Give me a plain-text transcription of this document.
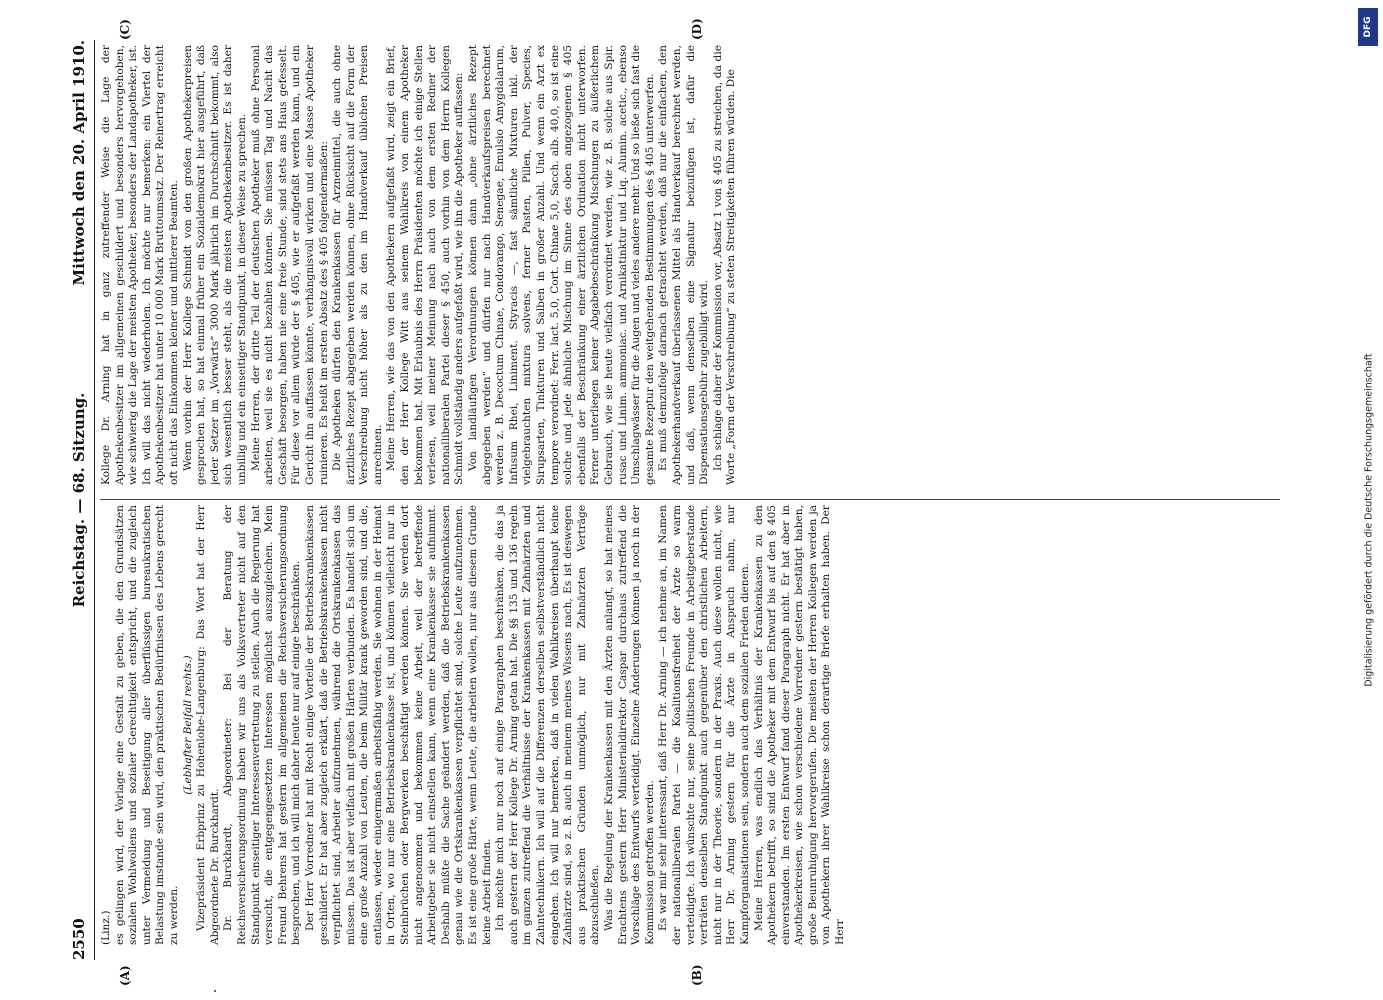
2550
Reichstag. — 68. Sitzung.
Mittwoch den 20. April 1910.
(A)	(B)
(C)	(D)

(Linz.) es gelingen wird, der Vorlage eine Gestalt zu geben, die den Grundsätzen sozialen Wohlwollens und sozialer Gerechtigkeit entspricht, und die zugleich unter Vermeidung und Beseitigung aller überflüssigen bureaukratischen Belastung imstande sein wird, den praktischen Bedürfnissen des Lebens gerecht zu werden.

(Lebhafter Beifall rechts.) Vizepräsident Erbprinz zu Hohenlohe-Langenburg: Das Wort hat der Herr Abgeordnete Dr. Burckhardt. Dr. Burckhardt, Abgeordneter: Bei der Beratung der Reichsversicherungsordnung haben wir uns als Volksvertreter nicht auf den Standpunkt einseitiger Interessenvertretung zu stellen. Auch die Regierung hat versucht, die entgegengesetzten Interessen möglichst auszugleichen. Mein Freund Behrens hat gestern im allgemeinen die Reichsversicherungsordnung besprochen, und ich will mich daher heute nur auf einige beschränken. Der Herr Vorredner hat mit Recht einige Vorteile der Betriebskrankenkassen geschildert. Er hat aber zugleich erklärt, daß die Betriebskrankenkassen nicht verpflichtet sind, Arbeiter aufzunehmen, während die Ortskrankenkassen das müssen. Das ist aber vielfach mit großen Härten verbunden. Es handelt sich um eine große Anzahl von Leuten, die beim Militär krank geworden sind, und die, entlassen, wieder einigermaßen arbeitsfähig werden. Sie wohnen in der Heimat in Orten, wo nur eine Betriebskrankenkasse ist, und können vielleicht nur in Steinbrüchen oder Bergwerken beschäftigt werden können. Sie werden dort nicht angenommen und bekommen keine Arbeit, weil der betreffende Arbeitgeber sie nicht einstellen kann, wenn eine Krankenkasse sie aufnimmt. Deshalb müßte die Sache geändert werden, daß die Betriebskrankenkassen genau wie die Ortskrankenkassen verpflichtet sind, solche Leute aufzunehmen. Es ist eine große Härte, wenn Leute, die arbeiten wollen, nur aus diesem Grunde keine Arbeit finden. Ich möchte mich nur noch auf einige Paragraphen beschränken, die das ja auch gestern der Herr Kollege Dr. Arning getan hat. Die §§ 135 und 136 regeln im ganzen zutreffend die Verhältnisse der Krankenkassen mit Zahnärzten und Zahntechnikern. Ich will auf die Differenzen derselben selbstverständlich nicht eingehen. Ich will nur bemerken, daß in vielen Wahlkreisen überhaupt keine Zahnärzte sind, so z. B. auch in meinem meines Wissens nach, Es ist deswegen aus praktischen Gründen unmöglich, nur mit Zahnärzten Verträge abzuschließen. Was die Regelung der Krankenkassen mit den Ärzten anlangt, so hat meines Erachtens gestern Herr Ministerialdirektor Caspar durchaus zutreffend die Vorschläge des Entwurfs verteidigt. Einzelne Änderungen können ja noch in der Kommission getroffen werden. Es war mir sehr interessant, daß Herr Dr. Arning — ich nehme an, im Namen der nationalliberalen Partei — die Koalitionsfreiheit der Ärzte so warm verteidigte. Ich wünschte nur, seine politischen Freunde in Arbeitgeberstande verträten denselben Standpunkt auch gegenüber den christlichen Arbeitern, nicht nur in der Theorie, sondern in der Praxis. Auch diese wollen nicht, wie Herr Dr. Arning gestern für die Ärzte in Anspruch nahm, nur Kampforganisationen sein, sondern auch dem sozialen Frieden dienen. Meine Herren, was endlich das Verhältnis der Krankenkassen zu den Apothekern betrifft, so sind die Apotheker mit dem Entwurf bis auf den § 405 einverstanden. Im ersten Entwurf fand dieser Paragraph nicht. Er hat aber in Apothekerkreisen, wie schon verschiedene Vorredner gestern bestätigt haben, große Beunruhigung hervorgerufen. Die meisten der Herren Kollegen werden ja von Apothekern ihrer Wahlkreise schon derartige Briefe erhalten haben. Der Herr

Kollege Dr. Arning hat in ganz zutreffender Weise die Lage der Apothekenbesitzer im allgemeinen geschildert und besonders hervorgehoben, wie schwierig die Lage der meisten Apotheker, besonders der Landapotheker, ist. Ich will das nicht wiederholen. Ich möchte nur bemerken: ein Viertel der Apothekenbesitzer hat unter 10 000 Mark Bruttoumsatz. Der Reinertrag erreicht oft nicht das Einkommen kleiner und mittlerer Beamten. Wenn vorhin der Herr Kollege Schmidt von den großen Apothekerpreisen gesprochen hat, so hat einmal früher ein Sozialdemokrat hier ausgeführt, daß jeder Setzer im „Vorwärts“ 3000 Mark jährlich im Durchschnitt bekommt, also sich wesentlich besser steht, als die meisten Apothekenbesitzer. Es ist daher unbillig und ein einseitiger Standpunkt, in dieser Weise zu sprechen. Meine Herren, der dritte Teil der deutschen Apotheker muß ohne Personal arbeiten, weil sie es nicht bezahlen können. Sie müssen Tag und Nacht das Geschäft besorgen, haben nie eine freie Stunde, sind stets ans Haus gefesselt. Für diese vor allem würde der § 405, wie er aufgefaßt werden kann, und ein Gericht ihn auffassen könnte, verhängnisvoll wirken und eine Masse Apotheker ruinieren. Es heißt im ersten Absatz des § 405 folgendermaßen: Die Apotheken dürfen den Krankenkassen für Arzneimittel, die auch ohne ärztliches Rezept abgegeben werden können, ohne Rücksicht auf die Form der Verschreibung nicht höher als zu den im Handverkauf üblichen Preisen anrechnen. Meine Herren, wie das von den Apothekern aufgefaßt wird, zeigt ein Brief, den der Herr Kollege Witt aus seinem Wahlkreis von einem Apotheker bekommen hat. Mit Erlaubnis des Herrn Präsidenten möchte ich einige Stellen verlesen, weil meiner Meinung nach auch von dem ersten Redner der nationalliberalen Partei dieser § 450, auch vorhin von dem Herrn Kollegen Schmidt vollständig anders aufgefaßt wird, wie ihn die Apotheker auffassen: Von landläufigen Verordnungen können dann „ohne ärztliches Rezept abgegeben werden“ und dürfen nur nach Handverkaufspreisen berechnet werden z. B. Decoctum Chinae, Condorango, Senegae, Emulsio Amygdalarum, Infusum Rhei, Liniment. Styracis —, fast sämtliche Mixturen inkl. der vielgebrauchten mixtura solvens, ferner Pasten, Pillen, Pulver, Species, Sirupsarten, Tinkturen und Salben in großer Anzahl. Und wenn ein Arzt ex tempore verordnet: Ferr. lact. 5,0, Cort. Chinae 5,0, Sacch. alb. 40,0, so ist eine solche und jede ähnliche Mischung im Sinne des oben angezogenen § 405 ebenfalls der Beschränkung einer ärztlichen Ordination nicht unterworfen. Ferner unterliegen keiner Abgabebeschränkung Mischungen zu äußerlichem Gebrauch, wie sie heute vielfach verordnet werden, wie z. B. solche aus Spir. rusac und Linim. ammoniac. und Arnikatinktur und Liq. Alumin. acetic., ebenso Umschlagwässer für die Augen und vieles andere mehr. Und so ließe sich fast die gesamte Rezeptur den weitgehenden Bestimmungen des § 405 unterwerfen. Es muß demzufolge darnach getrachtet werden, daß nur die einfachen, den Apothekerhandverkauf überlassenen Mittel als Handverkauf berechnet werden, und daß, wenn denselben eine Signatur beizufügen ist, dafür die Dispensationsgebühr zugebilligt wird. Ich schlage daher der Kommission vor, Absatz 1 von § 405 zu streichen, da die Worte „Form der Verschreibung“ zu steten Streitigkeiten führen würden. Die

DFG
Digitalisierung gefördert durch die Deutsche Forschungsgemeinschaft
